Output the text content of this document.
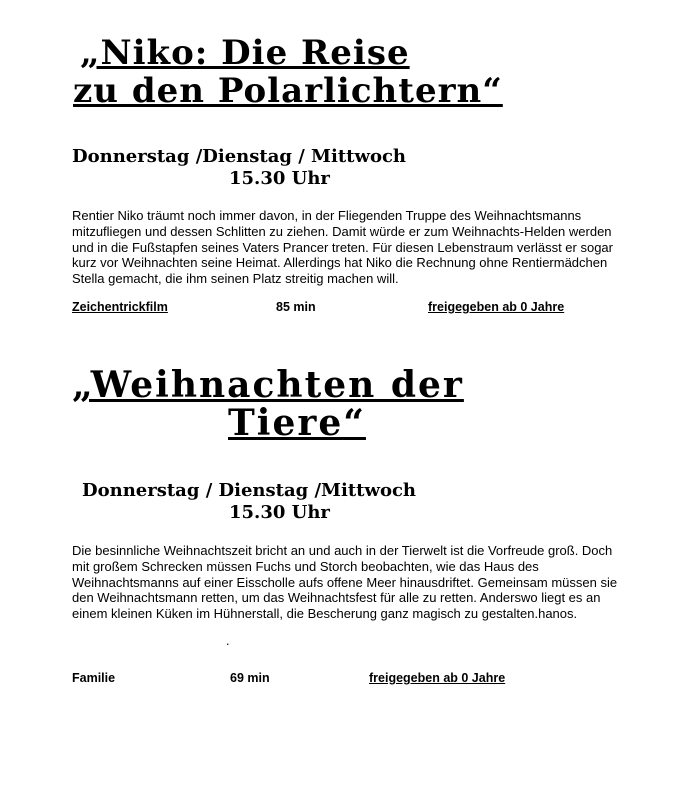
„Niko: Die Reise
zu den Polarlichtern“
Donnerstag /Dienstag / Mittwoch
15.30 Uhr
Rentier Niko träumt noch immer davon, in der Fliegenden Truppe des Weihnachtsmanns mitzufliegen und dessen Schlitten zu ziehen. Damit würde er zum Weihnachts-Helden werden und in die Fußstapfen seines Vaters Prancer treten. Für diesen Lebenstraum verlässt er sogar kurz vor Weihnachten seine Heimat. Allerdings hat Niko die Rechnung ohne Rentiermädchen Stella gemacht, die ihm seinen Platz streitig machen will.
Zeichentrickfilm	85 min	freigegeben ab 0 Jahre
„Weihnachten der
Tiere“
Donnerstag / Dienstag /Mittwoch
15.30 Uhr
Die besinnliche Weihnachtszeit bricht an und auch in der Tierwelt ist die Vorfreude groß. Doch mit großem Schrecken müssen Fuchs und Storch beobachten, wie das Haus des Weihnachtsmanns auf einer Eisscholle aufs offene Meer hinausdriftet. Gemeinsam müssen sie den Weihnachtsmann retten, um das Weihnachtsfest für alle zu retten. Anderswo liegt es an einem kleinen Küken im Hühnerstall, die Bescherung ganz magisch zu gestalten.hanos.
.
Familie	69 min	freigegeben ab 0 Jahre
